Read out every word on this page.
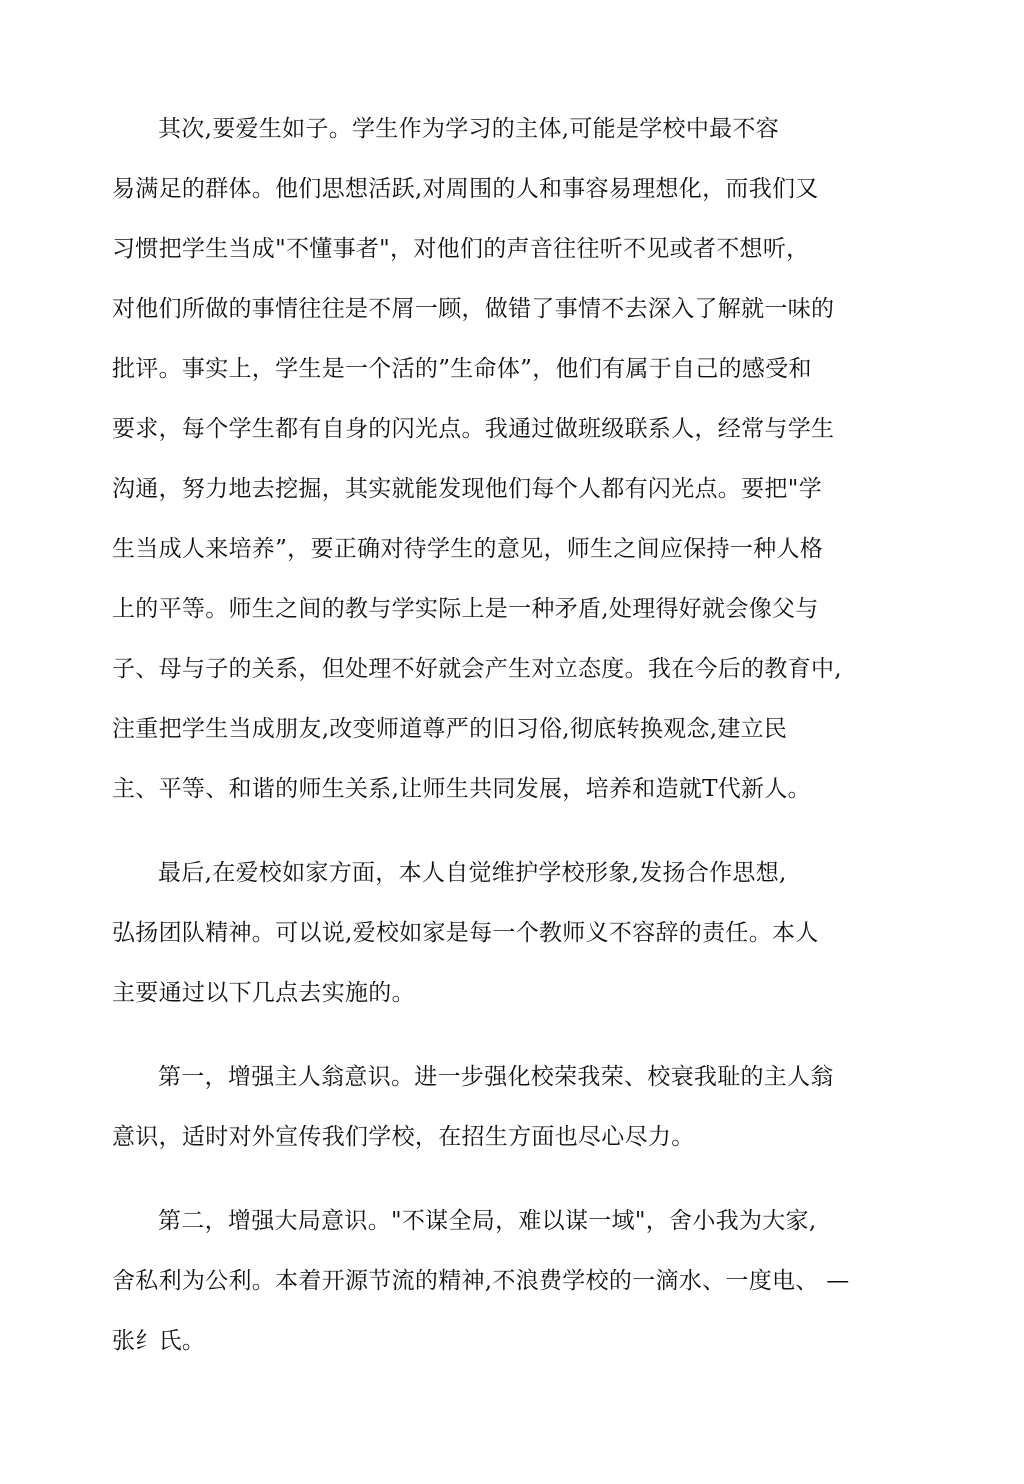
其次,要爱生如子。学生作为学习的主体,可能是学校中最不容
易满足的群体。他们思想活跃,对周围的人和事容易理想化，而我们又
习惯把学生当成"不懂事者"，对他们的声音往往听不见或者不想听，
对他们所做的事情往往是不屑一顾，做错了事情不去深入了解就一味的
批评。事实上，学生是一个活的”生命体”，他们有属于自己的感受和
要求，每个学生都有自身的闪光点。我通过做班级联系人，经常与学生
沟通，努力地去挖掘，其实就能发现他们每个人都有闪光点。要把"学
生当成人来培养”，要正确对待学生的意见，师生之间应保持一种人格
上的平等。师生之间的教与学实际上是一种矛盾,处理得好就会像父与
子、母与子的关系，但处理不好就会产生对立态度。我在今后的教育中,
注重把学生当成朋友,改变师道尊严的旧习俗,彻底转换观念,建立民
主、平等、和谐的师生关系,让师生共同发展，培养和造就T代新人。
最后,在爱校如家方面，本人自觉维护学校形象,发扬合作思想,
弘扬团队精神。可以说,爱校如家是每一个教师义不容辞的责任。本人
主要通过以下几点去实施的。
第一，增强主人翁意识。进一步强化校荣我荣、校衰我耻的主人翁
意识，适时对外宣传我们学校，在招生方面也尽心尽力。
第二，增强大局意识。"不谋全局，难以谋一域"，舍小我为大家,
舍私利为公利。本着开源节流的精神,不浪费学校的一滴水、一度电、 —
张纟氏。
